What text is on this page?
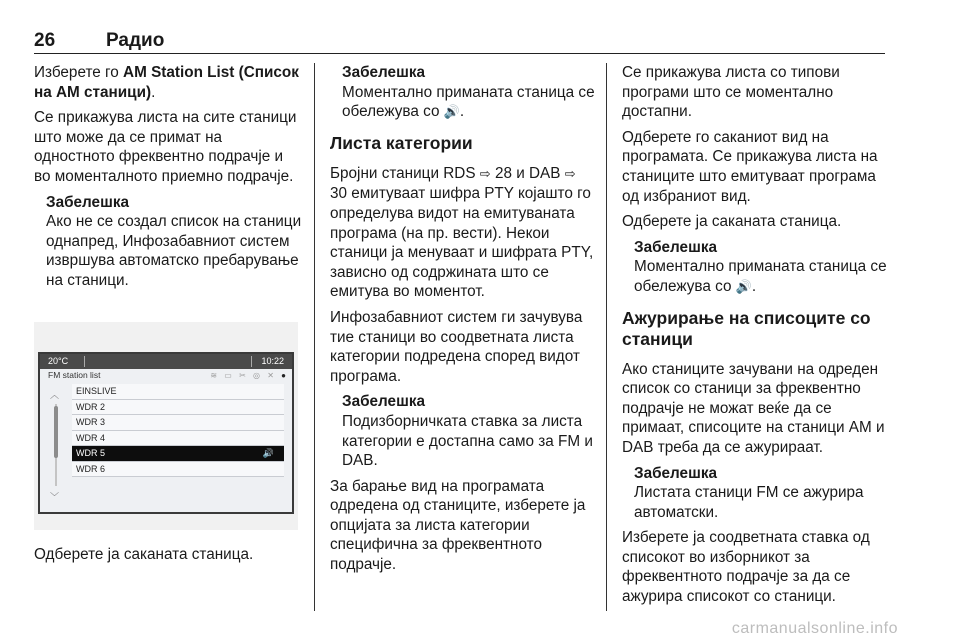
26	Радио

Изберете го AM Station List (Список на AM станици).

Се прикажува листа на сите станици што може да се примат на одностното фреквентно подрачје и во моменталното приемно подрачје.

Забелешка
Ако не се создал список на станици однапред, Инфозабавниот систем извршува автоматско пребарување на станици.
20°C	10:22
FM station list	≋ ▭ ✂ ◎ ✕ ●
︿
﹀
EINSLIVE
WDR 2
WDR 3
WDR 4
WDR 5	🔊
WDR 6
Одберете ја саканата станица.
Забелешка
Моментално приманата станица се обележува со 🔊.
Листа категории

Бројни станици RDS ⇨ 28 и DAB ⇨ 30 емитуваат шифра PTY којашто го определува видот на емитуваната програма (на пр. вести). Некои станици ја менуваат и шифрата PTY, зависно од содржината што се емитува во моментот.

Инфозабавниот систем ги зачувува тие станици во соодветната листа категории подредена според видот програма.

Забелешка
Подизборничката ставка за листа категории е достапна само за FM и DAB.

За барање вид на програмата одредена од станиците, изберете ја опцијата за листа категории специфична за фреквентното подрачје.

Се прикажува листа со типови програми што се моментално достапни.

Одберете го саканиот вид на програмата. Се прикажува листа на станиците што емитуваат програма од избраниот вид.

Одберете ја саканата станица.

Забелешка
Моментално приманата станица се обележува со 🔊.
Ажурирање на списоците со станици

Ако станиците зачувани на одреден список со станици за фреквентно подрачје не можат веќе да се примаат, списоците на станици AM и DAB треба да се ажурираат.

Забелешка
Листата станици FM се ажурира автоматски.

Изберете ја соодветната ставка од списокот во изборникот за фреквентното подрачје за да се ажурира списокот со станици.

carmanualsonline.info
